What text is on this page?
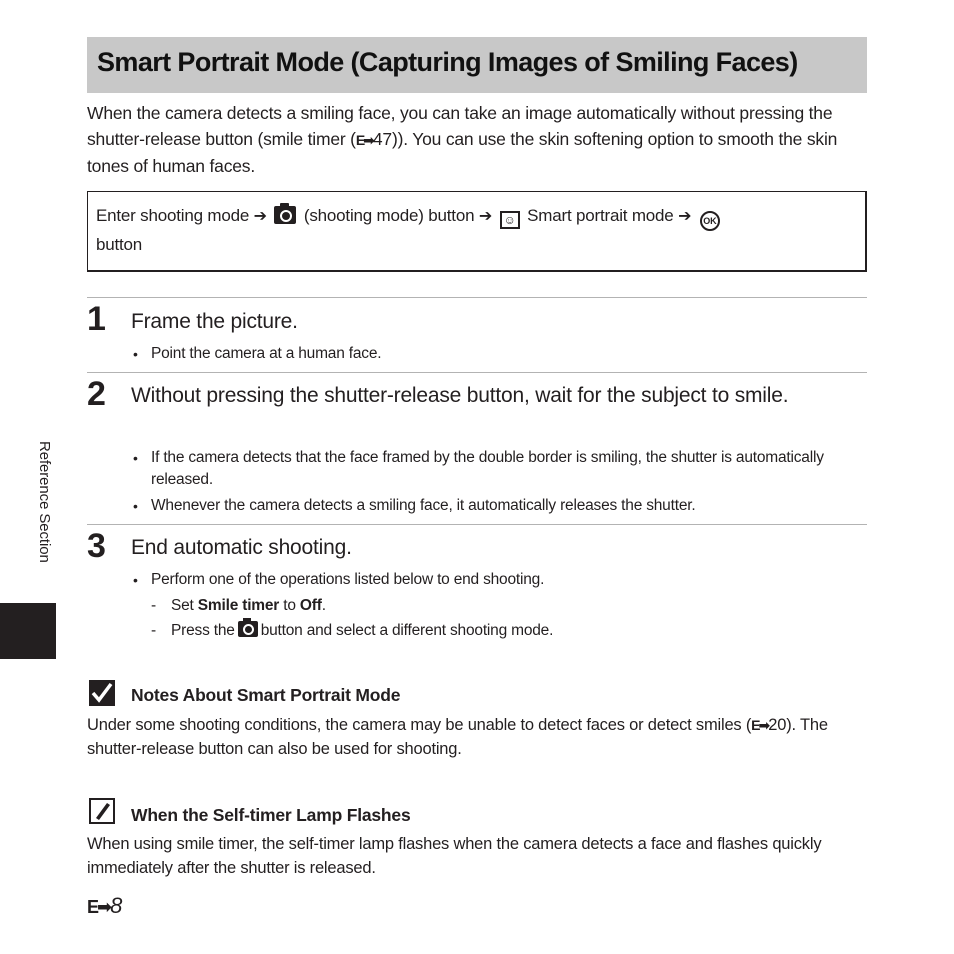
Smart Portrait Mode (Capturing Images of Smiling Faces)
When the camera detects a smiling face, you can take an image automatically without pressing the shutter-release button (smile timer (E➡47)). You can use the skin softening option to smooth the skin tones of human faces.
Enter shooting mode ➔ (shooting mode) button ➔ ☺ Smart portrait mode ➔ OK
button
1 Frame the picture.
• Point the camera at a human face.
2 Without pressing the shutter-release button, wait for the subject to smile.
• If the camera detects that the face framed by the double border is smiling, the shutter is automatically released.
• Whenever the camera detects a smiling face, it automatically releases the shutter.
3 End automatic shooting.
• Perform one of the operations listed below to end shooting.
- Set Smile timer to Off.
- Press the button and select a different shooting mode.
Notes About Smart Portrait Mode
Under some shooting conditions, the camera may be unable to detect faces or detect smiles (E➡20). The shutter-release button can also be used for shooting.
When the Self-timer Lamp Flashes
When using smile timer, the self-timer lamp flashes when the camera detects a face and flashes quickly immediately after the shutter is released.
Reference Section
E➡8
